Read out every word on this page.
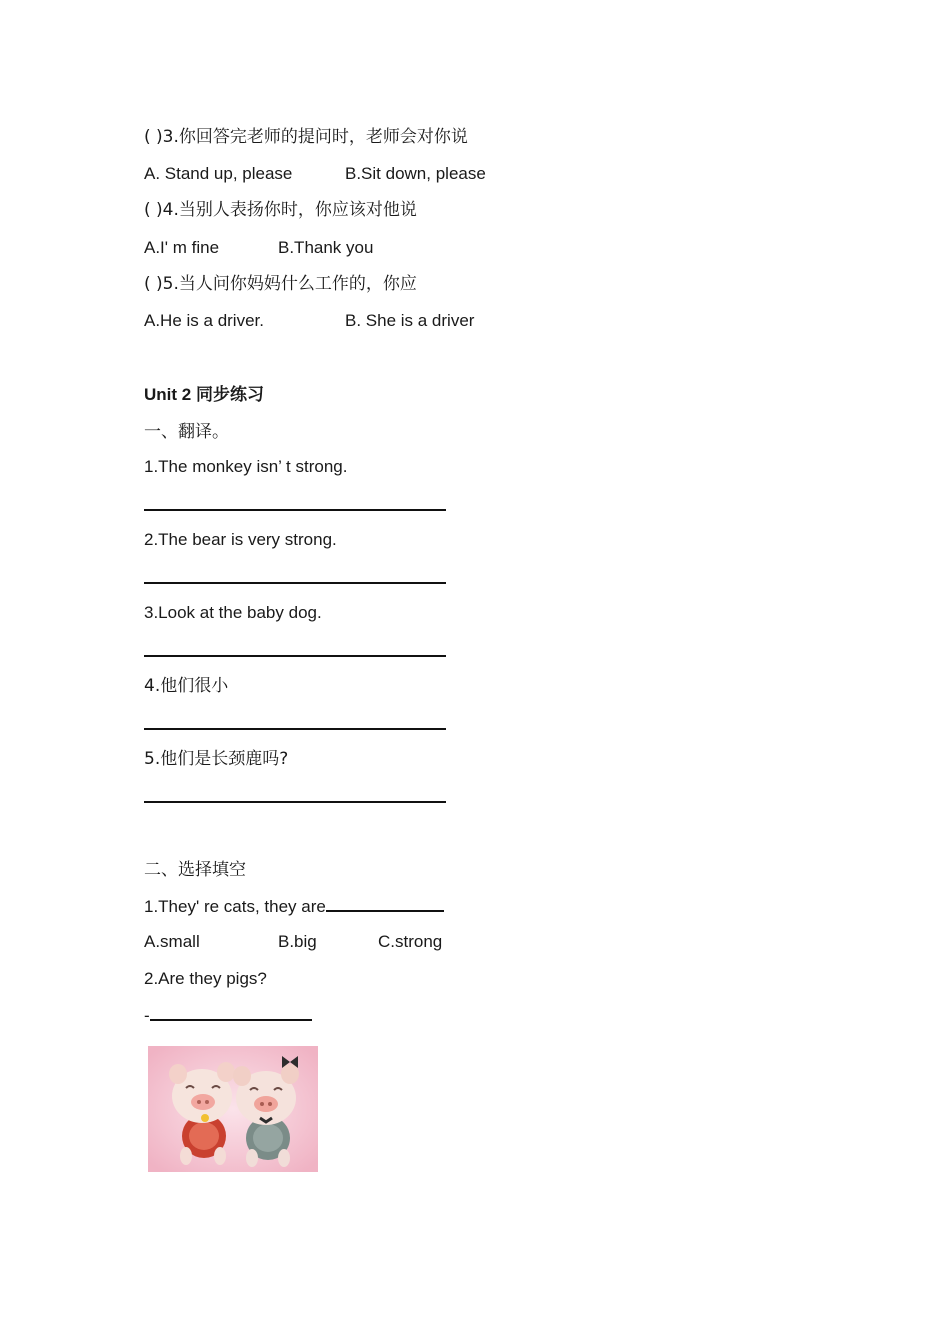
( )3.你回答完老师的提问时，老师会对你说
A. Stand up, please	B.Sit down, please
( )4.当别人表扬你时，你应该对他说
A.I' m fine	B.Thank you
( )5.当人问你妈妈什么工作的，你应
A.He is a driver.	B. She is a driver
Unit 2 同步练习
一、翻译。
1.The monkey isn’ t strong.
2.The bear is very strong.
3.Look at the baby dog.
4.他们很小
5.他们是长颈鹿吗?
二、选择填空
1.They' re cats, they are
A.small	B.big	C.strong
2.Are they pigs?
-
